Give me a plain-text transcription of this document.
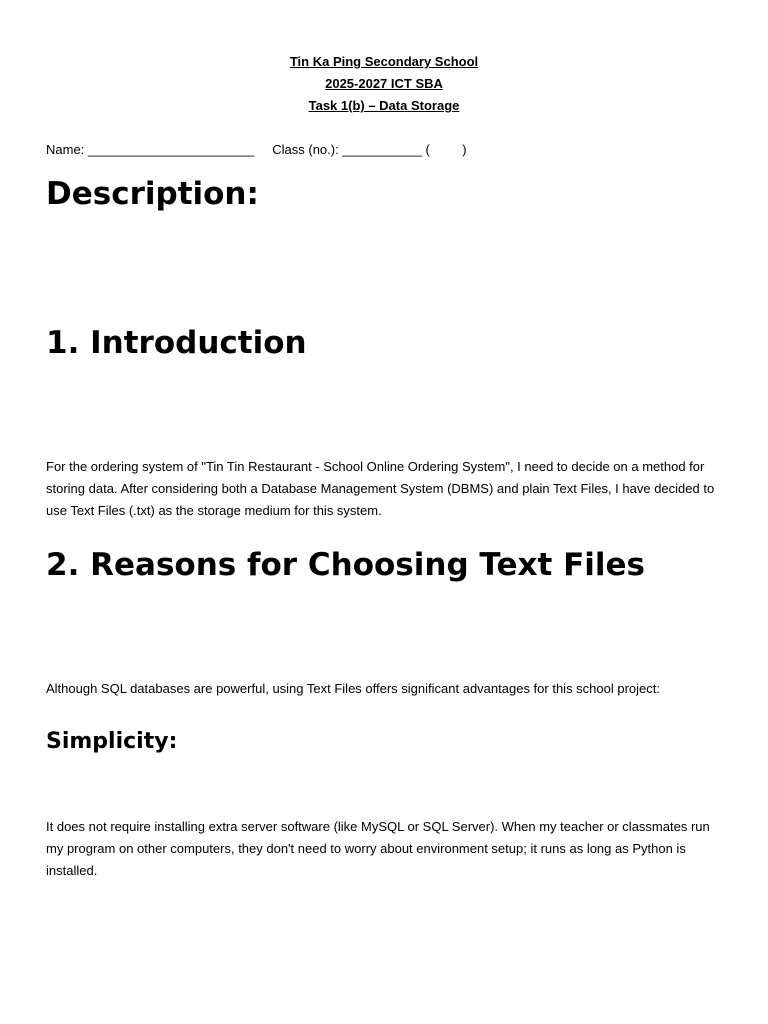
Tin Ka Ping Secondary School

2025-2027 ICT SBA

Task 1(b) – Data Storage

Name: _______________________     Class (no.): ___________ (         )

Description:
1. Introduction

For the ordering system of "Tin Tin Restaurant - School Online Ordering System", I need to decide on a method for storing data. After considering both a Database Management System (DBMS) and plain Text Files, I have decided to use Text Files (.txt) as the storage medium for this system.

2. Reasons for Choosing Text Files

Although SQL databases are powerful, using Text Files offers significant advantages for this school project:

Simplicity:

It does not require installing extra server software (like MySQL or SQL Server). When my teacher or classmates run my program on other computers, they don't need to worry about environment setup; it runs as long as Python is installed.
